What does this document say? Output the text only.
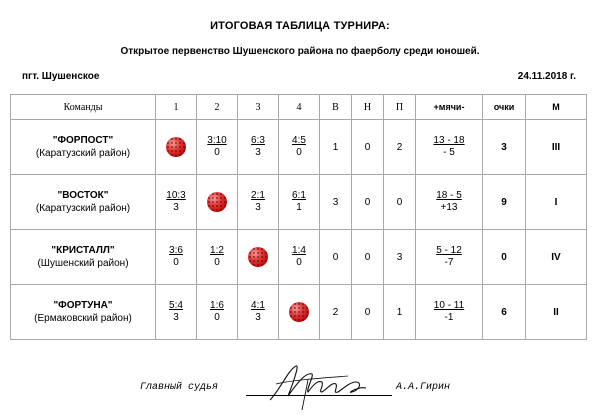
ИТОГОВАЯ ТАБЛИЦА ТУРНИРА:
Открытое первенство Шушенского района по фаерболу среди юношей.
пгт. Шушенское	24.11.2018 г.
Команды	1	2	3	4	В	Н	П	+мячи-	очки	М

"ФОРПОСТ"
(Каратузский район)		$\frac{3:10}{0}$	$\frac{6:3}{3}$	$\frac{4:5}{0}$	1	0	2	$\frac{13 - 18}{- 5}$	3	III

"ВОСТОК"
(Каратузский район)	$\frac{10:3}{3}$		$\frac{2:1}{3}$	$\frac{6:1}{1}$	3	0	0	$\frac{18 - 5}{+13}$	9	I

"КРИСТАЛЛ"
(Шушенский район)	$\frac{3:6}{0}$	$\frac{1:2}{0}$		$\frac{1:4}{0}$	0	0	3	$\frac{5 - 12}{-7}$	0	IV

"ФОРТУНА"
(Ермаковский район)	$\frac{5:4}{3}$	$\frac{1:6}{0}$	$\frac{4:1}{3}$		2	0	1	$\frac{10 - 11}{-1}$	6	II
Главный судья	А.А.Гирин
